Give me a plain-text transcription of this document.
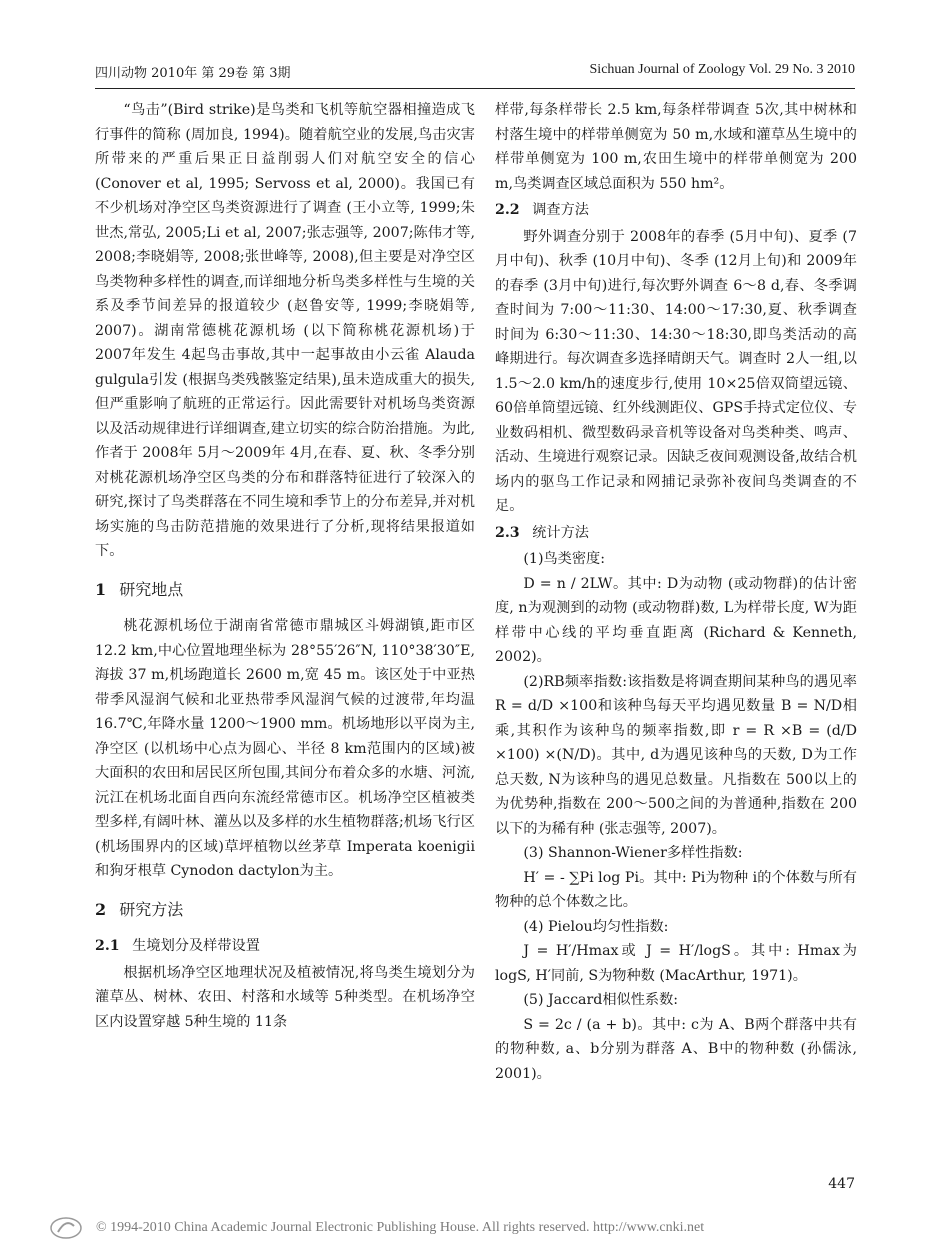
四川动物 2010年 第 29卷 第 3期	Sichuan Journal of Zoology Vol. 29 No. 3 2010

“鸟击”(Bird strike)是鸟类和飞机等航空器相撞造成飞行事件的简称 (周加良, 1994)。随着航空业的发展,鸟击灾害所带来的严重后果正日益削弱人们对航空安全的信心 (Conover et al, 1995; Servoss et al, 2000)。我国已有不少机场对净空区鸟类资源进行了调查 (王小立等, 1999;朱世杰,常弘, 2005;Li et al, 2007;张志强等, 2007;陈伟才等, 2008;李晓娟等, 2008;张世峰等, 2008),但主要是对净空区鸟类物种多样性的调查,而详细地分析鸟类多样性与生境的关系及季节间差异的报道较少 (赵鲁安等, 1999;李晓娟等, 2007)。湖南常德桃花源机场 (以下简称桃花源机场)于 2007年发生 4起鸟击事故,其中一起事故由小云雀 Alauda gulgula引发 (根据鸟类残骸鉴定结果),虽未造成重大的损失,但严重影响了航班的正常运行。因此需要针对机场鸟类资源以及活动规律进行详细调查,建立切实的综合防治措施。为此,作者于 2008年 5月～2009年 4月,在春、夏、秋、冬季分别对桃花源机场净空区鸟类的分布和群落特征进行了较深入的研究,探讨了鸟类群落在不同生境和季节上的分布差异,并对机场实施的鸟击防范措施的效果进行了分析,现将结果报道如下。

1 研究地点

桃花源机场位于湖南省常德市鼎城区斗姆湖镇,距市区 12.2 km,中心位置地理坐标为 28°55′26″N, 110°38′30″E,海拔 37 m,机场跑道长 2600 m,宽 45 m。该区处于中亚热带季风湿润气候和北亚热带季风湿润气候的过渡带,年均温 16.7℃,年降水量 1200～1900 mm。机场地形以平岗为主,净空区 (以机场中心点为圆心、半径 8 km范围内的区域)被大面积的农田和居民区所包围,其间分布着众多的水塘、河流,沅江在机场北面自西向东流经常德市区。机场净空区植被类型多样,有阔叶林、灌丛以及多样的水生植物群落;机场飞行区 (机场围界内的区域)草坪植物以丝茅草 Imperata koenigii和狗牙根草 Cynodon dactylon为主。

2 研究方法
2.1 生境划分及样带设置

根据机场净空区地理状况及植被情况,将鸟类生境划分为灌草丛、树林、农田、村落和水域等 5种类型。在机场净空区内设置穿越 5种生境的 11条

样带,每条样带长 2.5 km,每条样带调查 5次,其中树林和村落生境中的样带单侧宽为 50 m,水域和灌草丛生境中的样带单侧宽为 100 m,农田生境中的样带单侧宽为 200 m,鸟类调查区域总面积为 550 hm²。

2.2 调查方法

野外调查分别于 2008年的春季 (5月中旬)、夏季 (7月中旬)、秋季 (10月中旬)、冬季 (12月上旬)和 2009年的春季 (3月中旬)进行,每次野外调查 6～8 d,春、冬季调查时间为 7:00～11:30、14:00～17:30,夏、秋季调查时间为 6:30～11:30、14:30～18:30,即鸟类活动的高峰期进行。每次调查多选择晴朗天气。调查时 2人一组,以 1.5～2.0 km/h的速度步行,使用 10×25倍双筒望远镜、60倍单筒望远镜、红外线测距仪、GPS手持式定位仪、专业数码相机、微型数码录音机等设备对鸟类种类、鸣声、活动、生境进行观察记录。因缺乏夜间观测设备,故结合机场内的驱鸟工作记录和网捕记录弥补夜间鸟类调查的不足。

2.3 统计方法

(1)鸟类密度:

D = n / 2LW。其中: D为动物 (或动物群)的估计密度, n为观测到的动物 (或动物群)数, L为样带长度, W为距样带中心线的平均垂直距离 (Richard & Kenneth, 2002)。

(2)RB频率指数:该指数是将调查期间某种鸟的遇见率 R = d/D ×100和该种鸟每天平均遇见数量 B = N/D相乘,其积作为该种鸟的频率指数,即 r = R ×B = (d/D ×100) ×(N/D)。其中, d为遇见该种鸟的天数, D为工作总天数, N为该种鸟的遇见总数量。凡指数在 500以上的为优势种,指数在 200～500之间的为普通种,指数在 200以下的为稀有种 (张志强等, 2007)。

(3) Shannon-Wiener多样性指数:

H′ = - ∑Pi log Pi。其中: Pi为物种 i的个体数与所有物种的总个体数之比。

(4) Pielou均匀性指数:

J = H′/Hmax或 J = H′/logS。其中: Hmax为 logS, H′同前, S为物种数 (MacArthur, 1971)。

(5) Jaccard相似性系数:

S = 2c / (a + b)。其中: c为 A、B两个群落中共有的物种数, a、b分别为群落 A、B中的物种数 (孙儒泳, 2001)。

447
© 1994-2010 China Academic Journal Electronic Publishing House. All rights reserved. http://www.cnki.net
